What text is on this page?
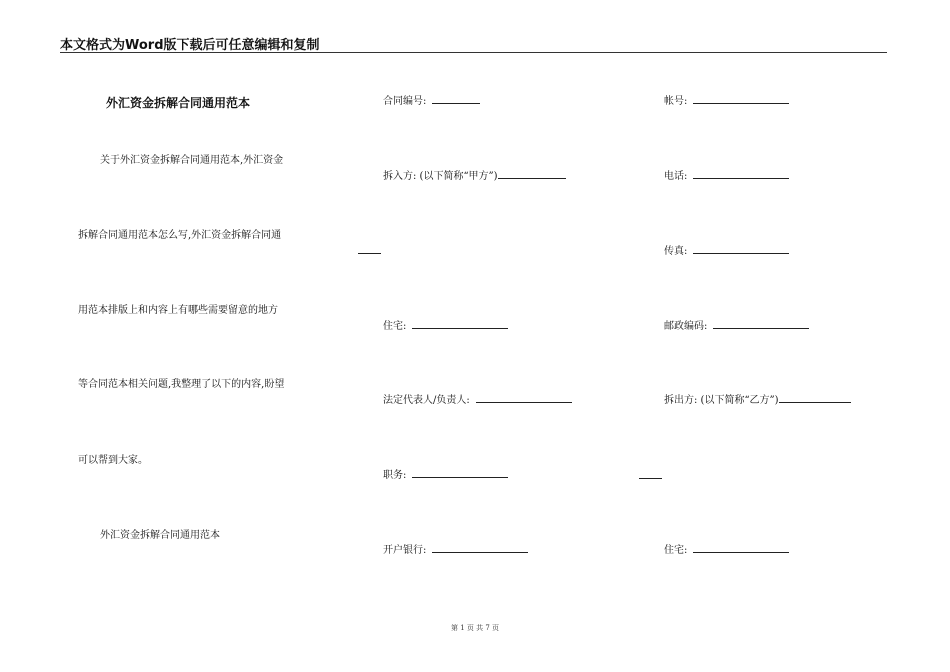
本文格式为Word版下载后可任意编辑和复制
外汇资金拆解合同通用范本
关于外汇资金拆解合同通用范本,外汇资金
拆解合同通用范本怎么写,外汇资金拆解合同通
用范本排版上和内容上有哪些需要留意的地方
等合同范本相关问题,我整理了以下的内容,盼望
可以帮到大家。
外汇资金拆解合同通用范本
合同编号:
拆入方: (以下简称“甲方”)
住宅:
法定代表人/负责人:
职务:
开户银行:
帐号:
电话:
传真:
邮政编码:
拆出方: (以下简称“乙方”)
住宅:
第 1 页 共 7 页
